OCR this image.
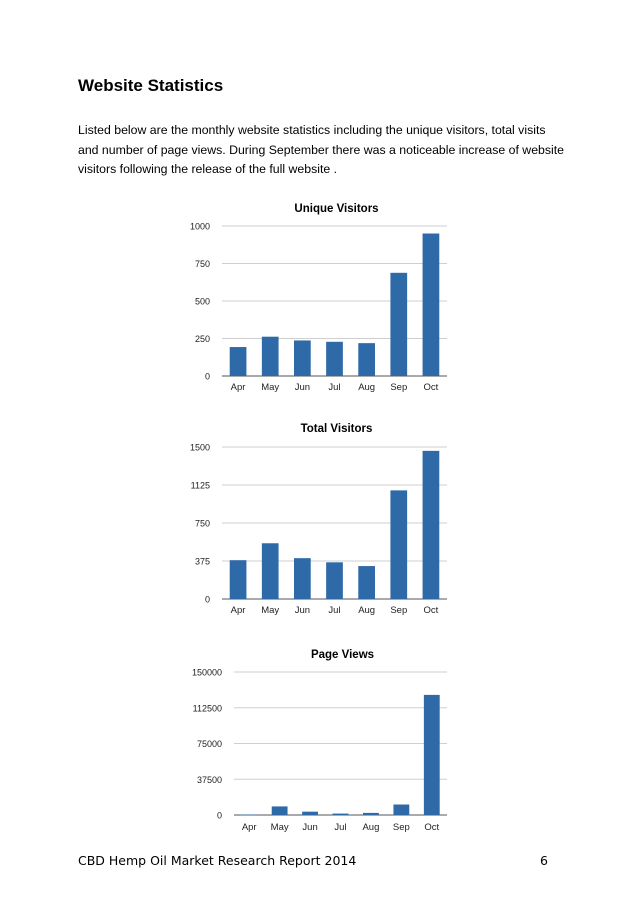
Website Statistics

Listed below are the monthly website statistics including the unique visitors, total visits and number of page views. During September there was a noticeable increase of website visitors following the release of the full website .

Unique Visitors
0
250
500
750
1000
Apr May Jun Jul Aug Sep Oct
Total Visitors
0
375
750
1125
1500
Apr May Jun Jul Aug Sep Oct
Page Views
0
37500
75000
112500
150000
Apr May Jun Jul Aug Sep Oct
CBD Hemp Oil Market Research Report 2014	6
